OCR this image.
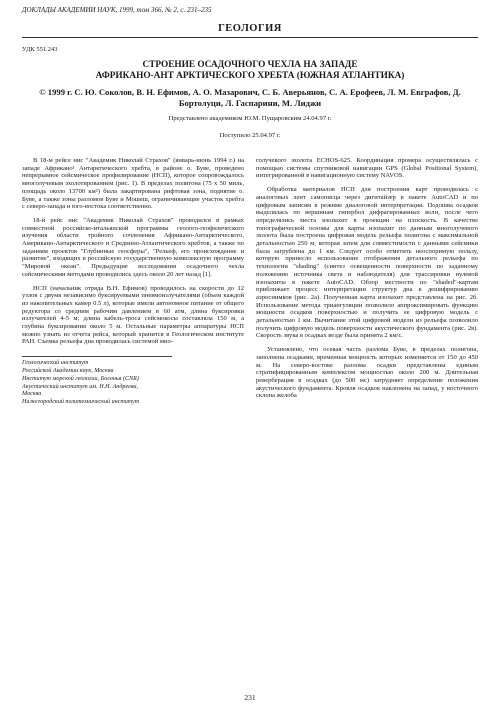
ДОКЛАДЫ АКАДЕМИИ НАУК, 1999, том 366, № 2, с. 231–235
ГЕОЛОГИЯ
УДК 551.243
СТРОЕНИЕ ОСАДОЧНОГО ЧЕХЛА НА ЗАПАДЕ
АФРИКАНО-АНТ АРКТИЧЕСКОГО ХРЕБТА (ЮЖНАЯ АТЛАНТИКА)
© 1999 г. С. Ю. Соколов, В. Н. Ефимов, А. О. Мазарович, С. Б. Аверьянов, С. А. Ерофеев, Л. М. Евграфов, Д. Бортолуци, Л. Гаспарини, М. Лиджи
Представлено академиком Ю.М. Пущаровским 24.04.97 г.
Поступило 25.04.97 г.

В 18-м рейсе нис "Академик Николай Страхов" (январь-июнь 1994 г.) на западе Африкано¹ Антарктического хребта, в районе о. Буве, проведено непрерывное сейсмическое профилирование (НСП), которое сопровождалось многолучевым эхолотированием (рис. 1). В пределах полигона (75 х 50 миль, площадь около 13700 км²) была закартирована рифтовая зона, поднятие о. Буве, а также зоны разломов Буве и Мошеш, ограничивающие участок хребта с северо-запада и юго-востока соответственно.

18-й рейс нис "Академик Николай Страхов" проводился в рамках совместной российско-итальянской программы геолого-геофизического изучения области тройного сочленения Африкано-Антарктического, Американо-Антарктического и Срединно-Атлантического хребтов, а также по заданиям проектов "Глубинные геосферы", "Рельеф, его происхождение и развитие", входящих в российскую государственную комплексную программу "Мировой океан". Предыдущие исследования осадочного чехла сейсмическими методами проводились здесь около 20 лет назад [1].

НСП (начальник отряда В.Н. Ефимов) проводилось на скорости до 12 узлов с двумя независимо буксируемыми пневмоизлучателями (объем каждой из накопительных камер 0.5 л), которые имели автономное питание от общего редуктора со средним рабочим давлением в 60 атм, длина буксировки излучателей 4-5 м; длина кабель-троса сейсмокосы составляла 150 м, а глубина буксирования около 5 м. Остальные параметры аппаратуры НСП можно узнать из отчета рейса, который хранится в Геологическом институте РАН. Съемка рельефа дна проводилась системой мно-

Геологический институт
Российской Академии наук, Москва
Институт морской геологии, Болонья (CNR)
Акустический институт им. Н.Н. Андреева,
Москва
Нижегородский политехнический институт

голучевого эхолота ECHOS-625. Координация промера осуществлялась с помощью системы спутниковой навигации GPS (Global Positional System), интегрированной в навигационную систему NAVOS.

Обработка материалов НСП для построения карт проводилась с аналоговых лент самописца через дигитайзер в пакете AutoCAD и по цифровым записям в режиме диалоговой интерпретации. Подошва осадков выделялась по вершинам гипербол дифрагированных волн, после чего определялись места изопахит в проекции на плоскость. В качестве топографической основы для карты изопахит по данным многолучевого эхолота была построена цифровая модель рельефа полигона с максимальной детальностью 250 м, которая затем для совместимости с данными сейсмики была загрублена до 1 км. Следует особо отметить неоспоримую пользу, которую принесло использование отображения детального рельефа по технологии "shading" (синтез освещенности поверхности по заданному положению источника света и наблюдателя) для трассировки нулевой изопахиты в пакете AutoCAD. Обзор местности по "shaded"-картам приближает процесс интерпретации структур дна к дешифрированию аэроснимков (рис. 2а). Полученная карта изопахит представлена на рис. 2б. Использование метода триангуляции позволило аппроксимировать функцию мощности осадков поверхностью и получить ее цифровую модель с детальностью 1 км. Вычитание этой цифровой модели из рельефа позволило получить цифровую модель поверхности акустического фундамента (рис. 2в). Скорость звука в осадках везде была принята 2 км/с.

Установлено, что осевая часть разлома Буве, в пределах полигона, заполнена осадками, временная мощность которых изменяется от 150 до 450 м. На северо-востоке разлома осадки представлены единым стратифицированным комплексом мощностью около 200 м. Длительная реверберация в осадках (до 500 мс) затрудняет определение положения акустического фундамента. Кровля осадков наклонена на запад, у восточного склона желоба

231
